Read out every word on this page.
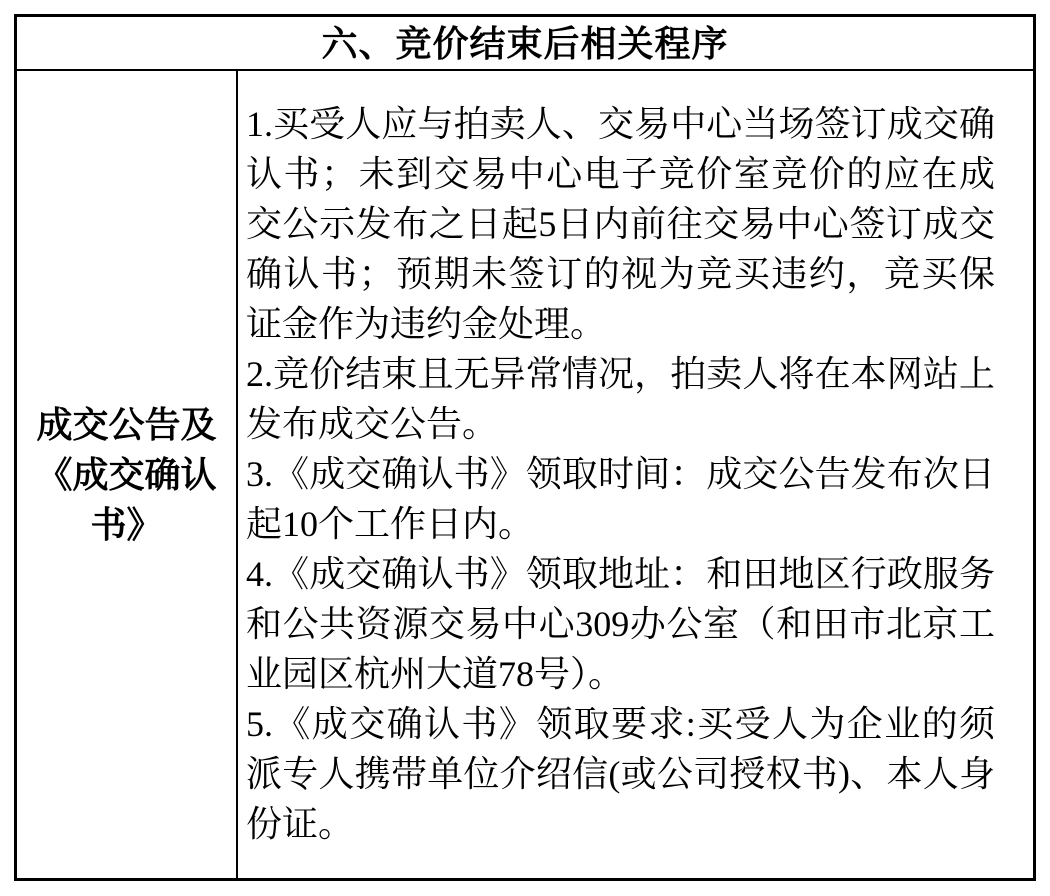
六、竞价结束后相关程序
成交公告及《成交确认书》

1.买受人应与拍卖人、交易中心当场签订成交确认书；未到交易中心电子竞价室竞价的应在成交公示发布之日起5日内前往交易中心签订成交确认书；预期未签订的视为竞买违约，竞买保证金作为违约金处理。

2.竞价结束且无异常情况，拍卖人将在本网站上发布成交公告。

3.《成交确认书》领取时间：成交公告发布次日起10个工作日内。

4.《成交确认书》领取地址：和田地区行政服务和公共资源交易中心309办公室（和田市北京工业园区杭州大道78号）。

5.《成交确认书》领取要求:买受人为企业的须派专人携带单位介绍信(或公司授权书)、本人身份证。
